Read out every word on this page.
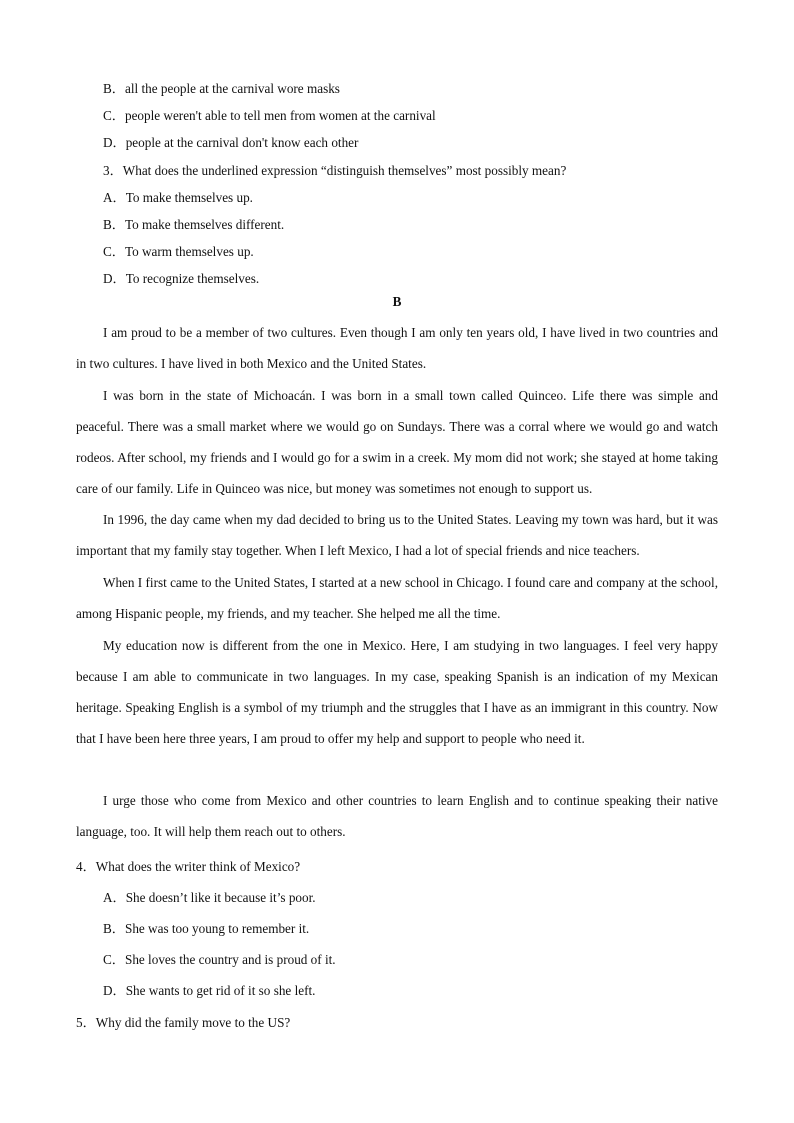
B．all the people at the carnival wore masks
C．people weren't able to tell men from women at the carnival
D．people at the carnival don't know each other
3．What does the underlined expression “distinguish themselves” most possibly mean?
A．To make themselves up.
B．To make themselves different.
C．To warm themselves up.
D．To recognize themselves.
B
I am proud to be a member of two cultures. Even though I am only ten years old, I have lived in two countries and in two cultures. I have lived in both Mexico and the United States.
I was born in the state of Michoacán. I was born in a small town called Quinceo. Life there was simple and peaceful. There was a small market where we would go on Sundays. There was a corral where we would go and watch rodeos. After school, my friends and I would go for a swim in a creek. My mom did not work; she stayed at home taking care of our family. Life in Quinceo was nice, but money was sometimes not enough to support us.
In 1996, the day came when my dad decided to bring us to the United States. Leaving my town was hard, but it was important that my family stay together. When I left Mexico, I had a lot of special friends and nice teachers.
When I first came to the United States, I started at a new school in Chicago. I found care and company at the school, among Hispanic people, my friends, and my teacher. She helped me all the time.
My education now is different from the one in Mexico. Here, I am studying in two languages. I feel very happy because I am able to communicate in two languages. In my case, speaking Spanish is an indication of my Mexican heritage. Speaking English is a symbol of my triumph and the struggles that I have as an immigrant in this country. Now that I have been here three years, I am proud to offer my help and support to people who need it.
I urge those who come from Mexico and other countries to learn English and to continue speaking their native language, too. It will help them reach out to others.
4．What does the writer think of Mexico?
A．She doesn’t like it because it’s poor.
B．She was too young to remember it.
C．She loves the country and is proud of it.
D．She wants to get rid of it so she left.
5．Why did the family move to the US?
